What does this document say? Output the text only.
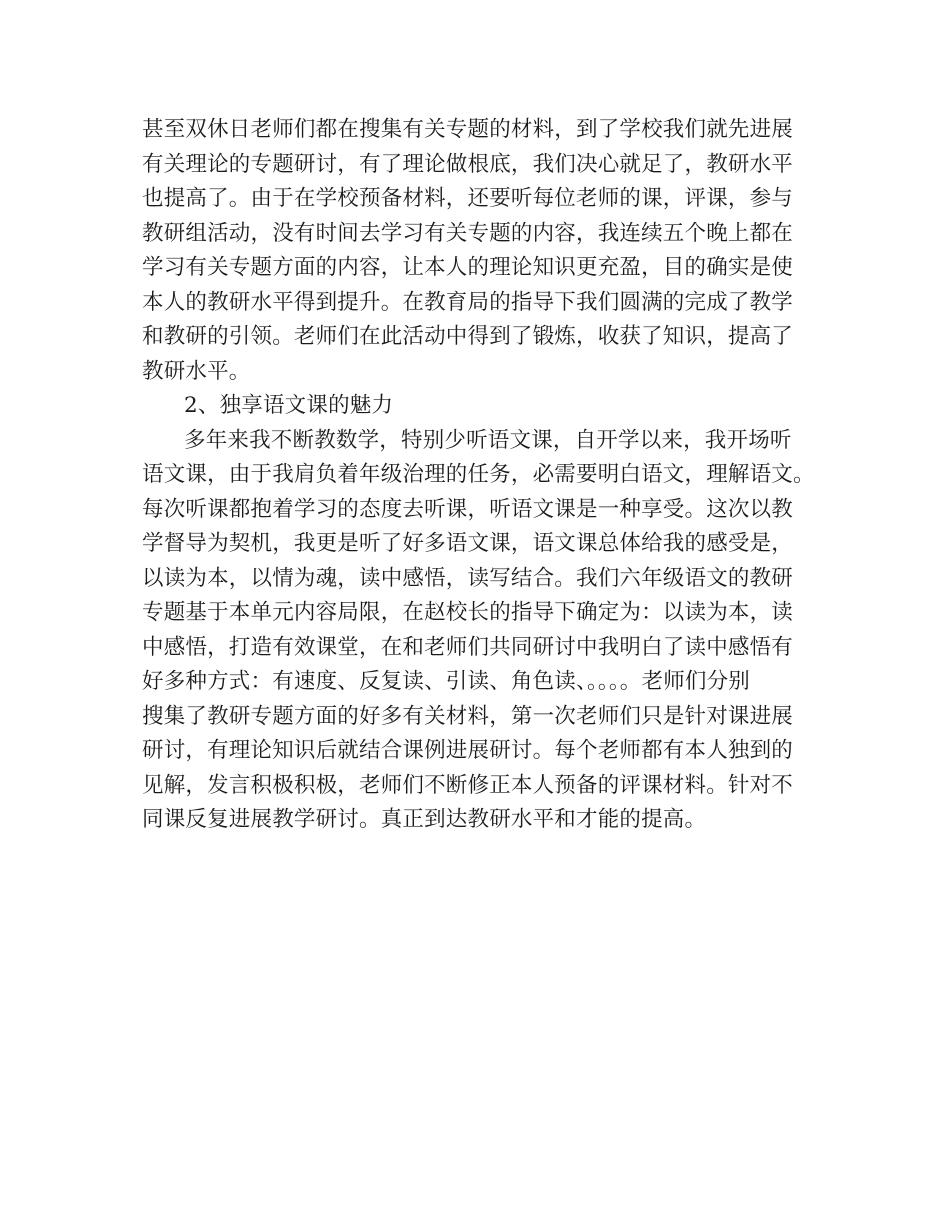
甚至双休日老师们都在搜集有关专题的材料，到了学校我们就先进展
有关理论的专题研讨，有了理论做根底，我们决心就足了，教研水平
也提高了。由于在学校预备材料，还要听每位老师的课，评课，参与
教研组活动，没有时间去学习有关专题的内容，我连续五个晚上都在
学习有关专题方面的内容，让本人的理论知识更充盈，目的确实是使
本人的教研水平得到提升。在教育局的指导下我们圆满的完成了教学
和教研的引领。老师们在此活动中得到了锻炼，收获了知识，提高了
教研水平。
2、独享语文课的魅力
多年来我不断教数学，特别少听语文课，自开学以来，我开场听
语文课，由于我肩负着年级治理的任务，必需要明白语文，理解语文。
每次听课都抱着学习的态度去听课，听语文课是一种享受。这次以教
学督导为契机，我更是听了好多语文课，语文课总体给我的感受是，
以读为本，以情为魂，读中感悟，读写结合。我们六年级语文的教研
专题基于本单元内容局限，在赵校长的指导下确定为：以读为本，读
中感悟，打造有效课堂，在和老师们共同研讨中我明白了读中感悟有
好多种方式：有速度、反复读、引读、角色读、。。。。老师们分别
搜集了教研专题方面的好多有关材料，第一次老师们只是针对课进展
研讨，有理论知识后就结合课例进展研讨。每个老师都有本人独到的
见解，发言积极积极，老师们不断修正本人预备的评课材料。针对不
同课反复进展教学研讨。真正到达教研水平和才能的提高。
